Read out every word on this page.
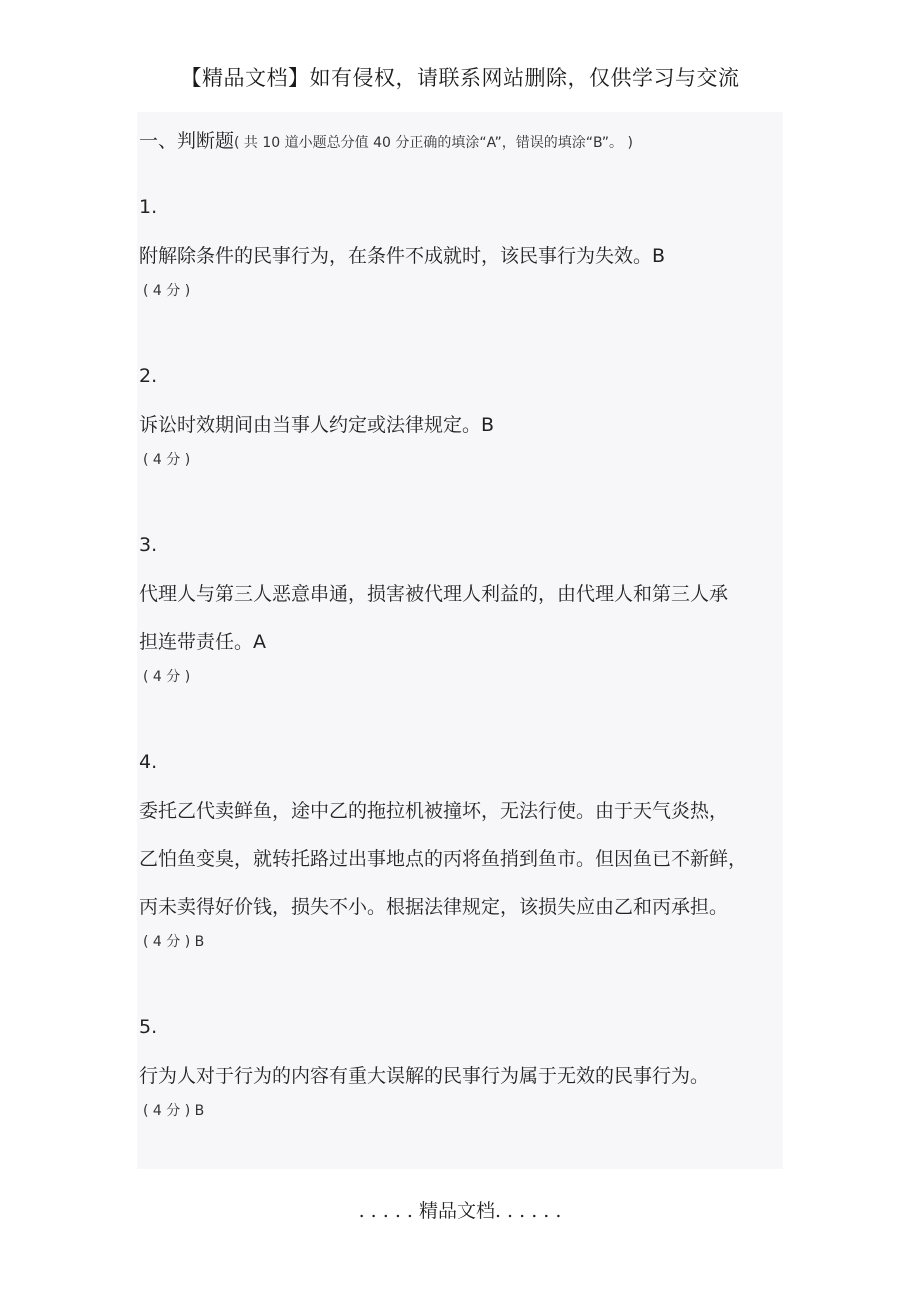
【精品文档】如有侵权，请联系网站删除，仅供学习与交流
一、判断题( 共 10 道小题总分值 40 分正确的填涂“A”，错误的填涂“B”。 )
1.
附解除条件的民事行为，在条件不成就时，该民事行为失效。B
( 4 分 )
2.
诉讼时效期间由当事人约定或法律规定。B
( 4 分 )
3.
代理人与第三人恶意串通，损害被代理人利益的，由代理人和第三人承
担连带责任。A
( 4 分 )
4.
委托乙代卖鲜鱼，途中乙的拖拉机被撞坏，无法行使。由于天气炎热，
乙怕鱼变臭，就转托路过出事地点的丙将鱼捎到鱼市。但因鱼已不新鲜，
丙未卖得好价钱，损失不小。根据法律规定，该损失应由乙和丙承担。
( 4 分 ) B
5.
行为人对于行为的内容有重大误解的民事行为属于无效的民事行为。
( 4 分 ) B
. . . . . 精品文档. . . . . .
